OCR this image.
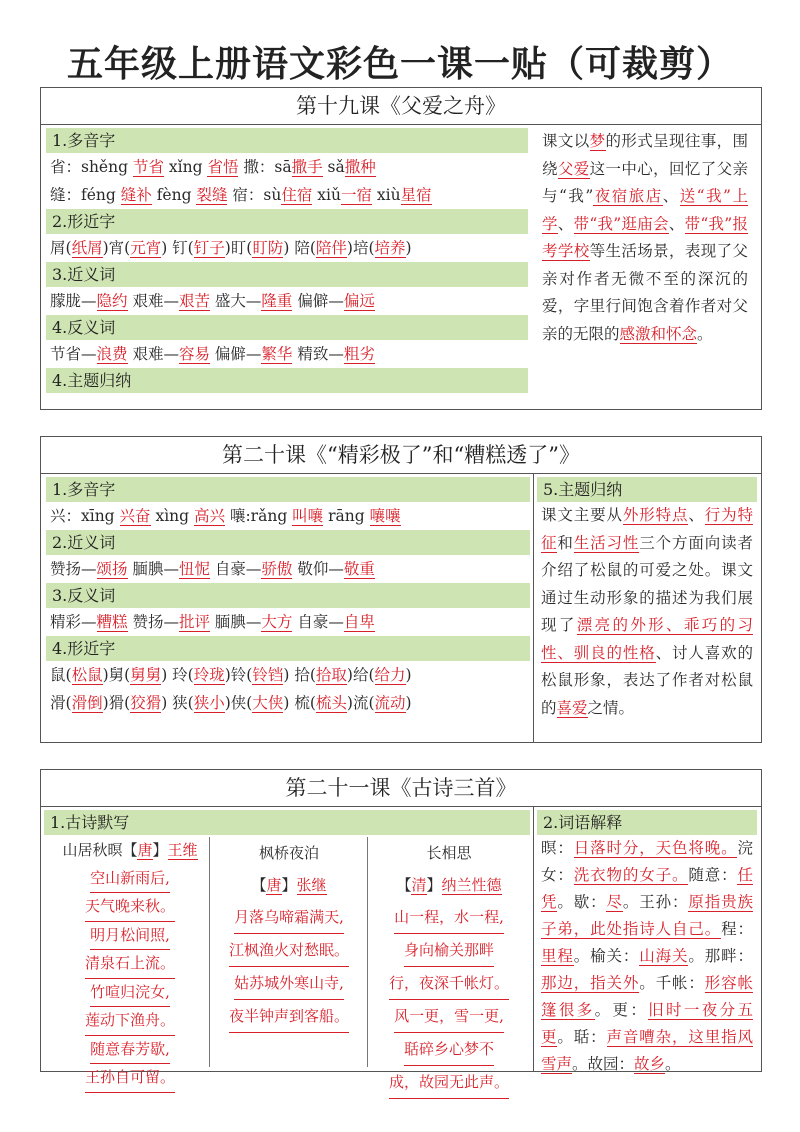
五年级上册语文彩色一课一贴（可裁剪）
第十九课《父爱之舟》
1.多音字
省：shěng 节省 xǐng 省悟 撒：sā撒手 sǎ撒种
缝：féng 缝补 fèng 裂缝 宿：sù住宿 xiǔ一宿 xiù星宿
2.形近字
屑(纸屑)宵(元宵) 钉(钉子)盯(盯防) 陪(陪伴)培(培养)
3.近义词
朦胧—隐约 艰难—艰苦 盛大—隆重 偏僻—偏远
4.反义词
节省—浪费 艰难—容易 偏僻—繁华 精致—粗劣
4.主题归纳
课文以梦的形式呈现往事，围绕父爱这一中心，回忆了父亲与“我”夜宿旅店、送“我”上学、带“我”逛庙会、带“我”报考学校等生活场景，表现了父亲对作者无微不至的深沉的爱，字里行间饱含着作者对父亲的无限的感激和怀念。
第二十课《“精彩极了”和“糟糕透了”》
1.多音字
兴：xīng 兴奋 xìng 高兴 嚷:rǎng 叫嚷 rāng 嚷嚷
2.近义词
赞扬—颂扬 腼腆—忸怩 自豪—骄傲 敬仰—敬重
3.反义词
精彩—糟糕 赞扬—批评 腼腆—大方 自豪—自卑
4.形近字
鼠(松鼠)舅(舅舅) 玲(玲珑)铃(铃铛) 拾(拾取)给(给力)
滑(滑倒)猾(狡猾) 狭(狭小)侠(大侠) 梳(梳头)流(流动)
5.主题归纳
课文主要从外形特点、行为特征和生活习性三个方面向读者介绍了松鼠的可爱之处。课文通过生动形象的描述为我们展现了漂亮的外形、乖巧的习性、驯良的性格、讨人喜欢的松鼠形象，表达了作者对松鼠的喜爱之情。
第二十一课《古诗三首》
1.古诗默写
山居秋暝【唐】王维
空山新雨后,
天气晚来秋。
明月松间照,
清泉石上流。
竹喧归浣女,
莲动下渔舟。
随意春芳歇,
王孙自可留。
枫桥夜泊
【唐】张继
月落乌啼霜满天,
江枫渔火对愁眠。
姑苏城外寒山寺,
夜半钟声到客船。
长相思
【清】纳兰性德
山一程，水一程,
身向榆关那畔
行，夜深千帐灯。
风一更，雪一更,
聒碎乡心梦不
成，故园无此声。
2.词语解释
暝：日落时分，天色将晚。浣女：洗衣物的女子。随意：任凭。歇：尽。王孙：原指贵族子弟，此处指诗人自己。程：里程。榆关：山海关。那畔：那边，指关外。千帐：形容帐篷很多。更：旧时一夜分五更。聒：声音嘈杂，这里指风雪声。故园：故乡。
